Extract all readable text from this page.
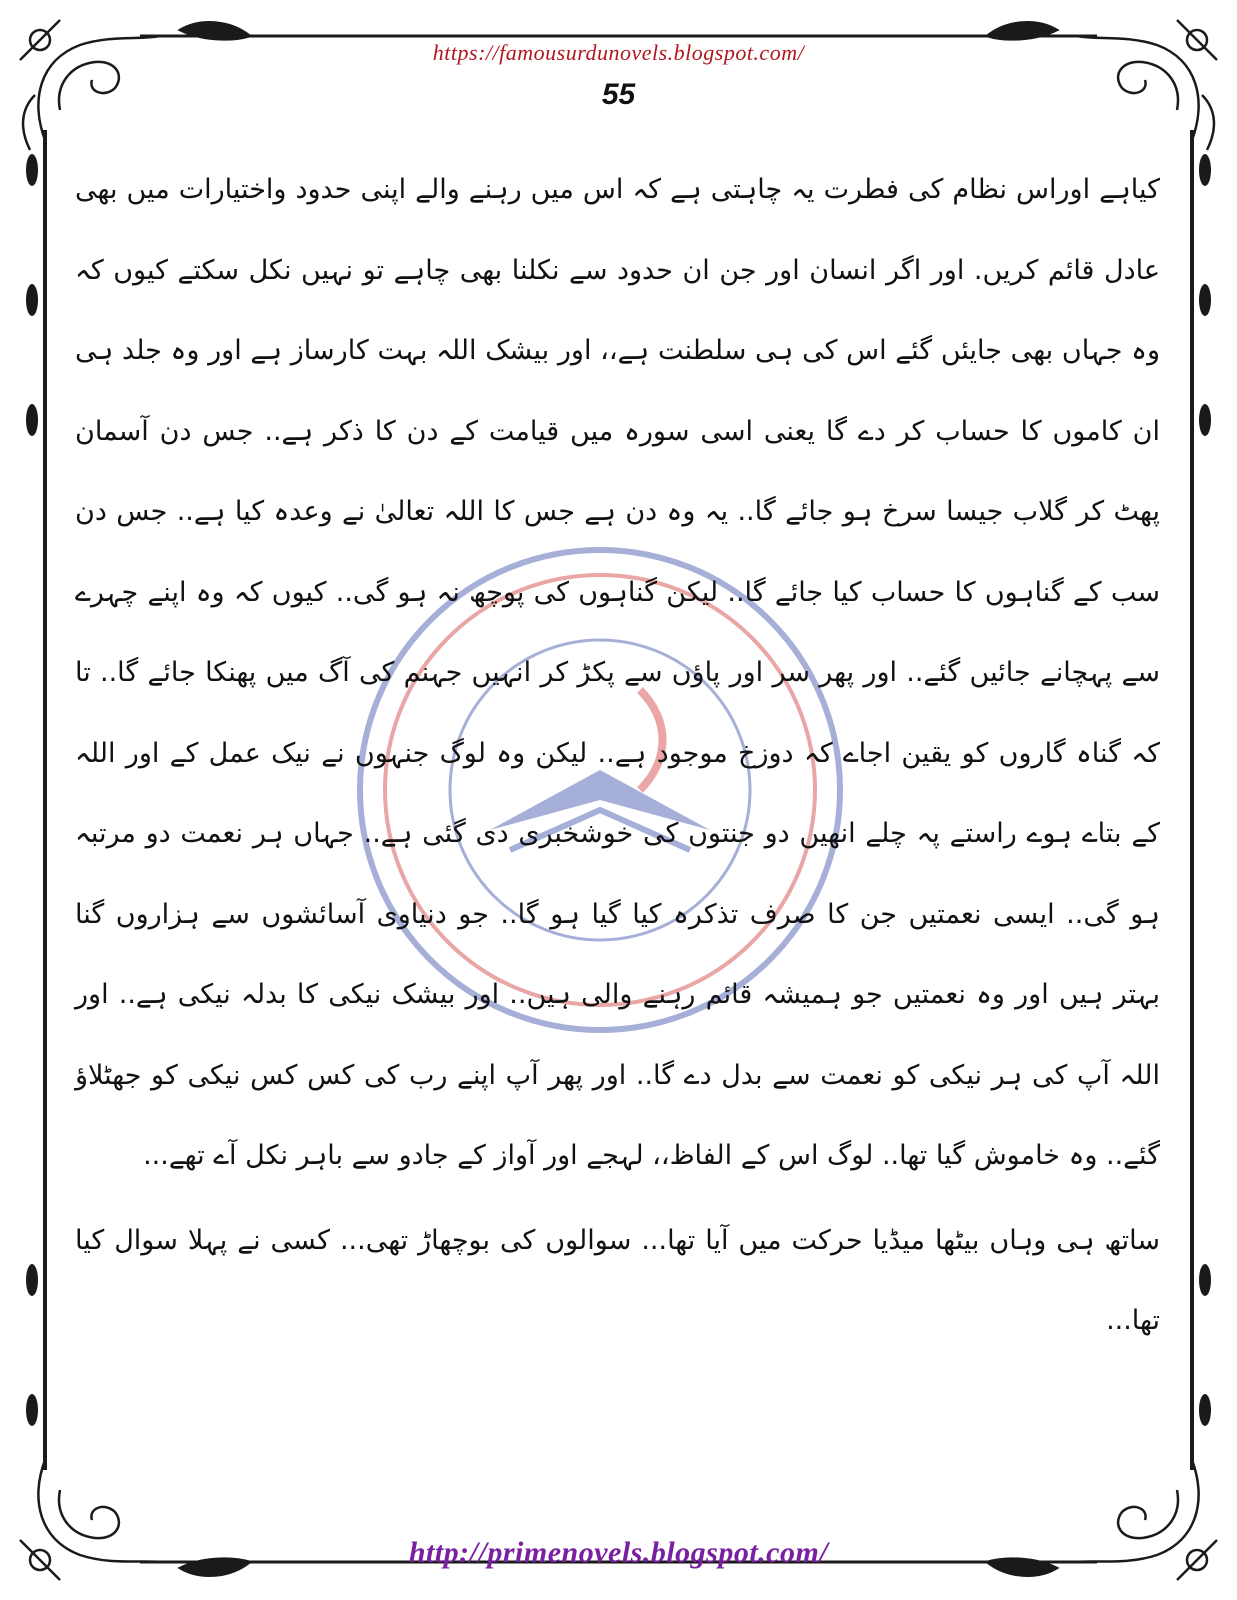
https://famousurdunovels.blogspot.com/
55

کیاہے اوراس نظام کی فطرت یہ چاہتی ہے کہ اس میں رہنے والے اپنی حدود واختیارات میں بھی عادل قائم کریں. اور اگر انسان اور جن ان حدود سے نکلنا بھی چاہے تو نہیں نکل سکتے کیوں کہ وہ جہاں بھی جایئں گئے اس کی ہی سلطنت ہے،، اور بیشک اللہ بہت کارساز ہے اور وہ جلد ہی ان کاموں کا حساب کر دے گا یعنی اسی سورہ میں قیامت کے دن کا ذکر ہے.. جس دن آسمان پھٹ کر گلاب جیسا سرخ ہو جائے گا.. یہ وہ دن ہے جس کا اللہ تعالیٰ نے وعدہ کیا ہے.. جس دن سب کے گناہوں کا حساب کیا جائے گا.. لیکن گناہوں کی پوچھ نہ ہو گی.. کیوں کہ وہ اپنے چہرے سے پہچانے جائیں گئے.. اور پھر سر اور پاؤں سے پکڑ کر انہیں جہنم کی آگ میں پھنکا جائے گا.. تا کہ گناہ گاروں کو یقین اجاے کہ دوزخ موجود ہے.. لیکن وہ لوگ جنہوں نے نیک عمل کے اور اللہ کے بتاے ہوے راستے پہ چلے انھیں دو جنتوں کی خوشخبری دی گئی ہے.. جہاں ہر نعمت دو مرتبہ ہو گی.. ایسی نعمتیں جن کا صرف تذکرہ کیا گیا ہو گا.. جو دنیاوی آسائشوں سے ہزاروں گنا بہتر ہیں اور وہ نعمتیں جو ہمیشہ قائم رہنے والی ہیں.. اور بیشک نیکی کا بدلہ نیکی ہے.. اور اللہ آپ کی ہر نیکی کو نعمت سے بدل دے گا.. اور پھر آپ اپنے رب کی کس کس نیکی کو جھٹلاؤ گئے.. وہ خاموش گیا تھا.. لوگ اس کے الفاظ،، لہجے اور آواز کے جادو سے باہر نکل آے تھے...

ساتھ ہی وہاں بیٹھا میڈیا حرکت میں آیا تھا... سوالوں کی بوچھاڑ تھی... کسی نے پہلا سوال کیا تھا...

http://primenovels.blogspot.com/
